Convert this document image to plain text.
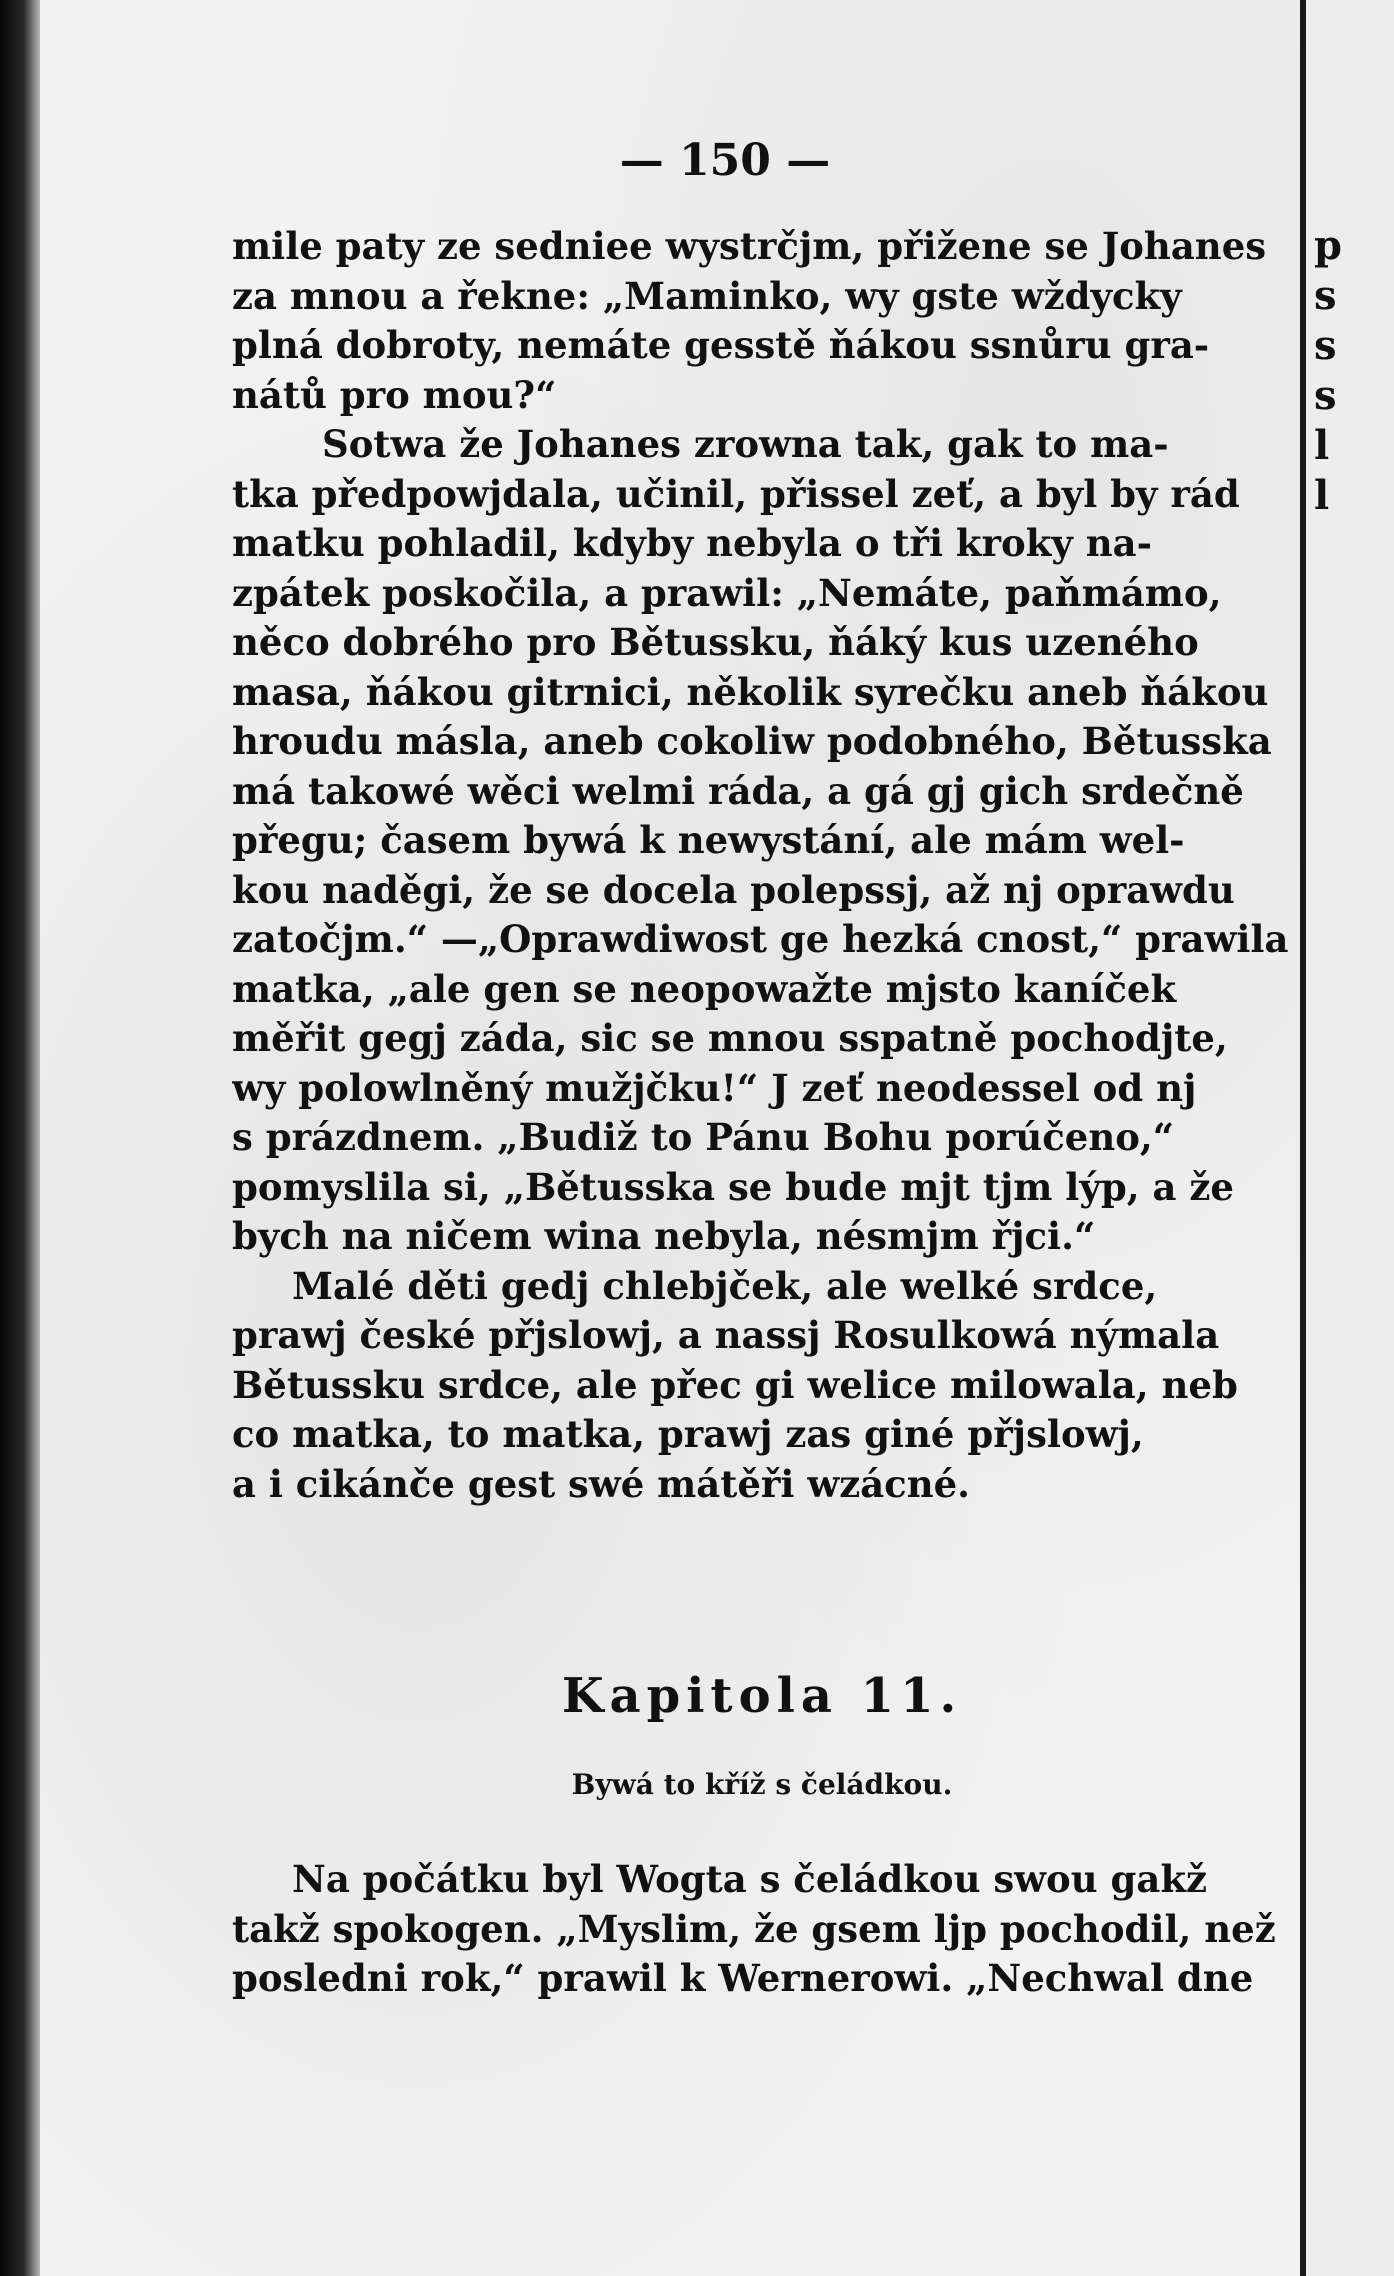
— 150 —
mile paty ze sedniee wystrčjm, přižene se Johanes
za mnou a řekne: „Maminko, wy gste wždycky
plná dobroty, nemáte gesstě ňákou ssnůru gra-
nátů pro mou?“
Sotwa že Johanes zrowna tak, gak to ma-
tka předpowjdala, učinil, přissel zeť, a byl by rád
matku pohladil, kdyby nebyla o tři kroky na-
zpátek poskočila, a prawil: „Nemáte, paňmámo,
něco dobrého pro Bětussku, ňáký kus uzeného
masa, ňákou gitrnici, několik syrečku aneb ňákou
hroudu másla, aneb cokoliw podobného, Bětusska
má takowé wěci welmi ráda, a gá gj gich srdečně
přegu; časem bywá k newystání, ale mám wel-
kou naděgi, že se docela polepssj, až nj oprawdu
zatočjm.“ —„Oprawdiwost ge hezká cnost,“ prawila
matka, „ale gen se neopowažte mjsto kaníček
měřit gegj záda, sic se mnou sspatně pochodjte,
wy polowlněný mužjčku!“ J zeť neodessel od nj
s prázdnem. „Budiž to Pánu Bohu porúčeno,“
pomyslila si, „Bětusska se bude mjt tjm lýp, a že
bych na ničem wina nebyla, nésmjm řjci.“
Malé děti gedj chlebjček, ale welké srdce,
prawj české přjslowj, a nassj Rosulkowá nýmala
Bětussku srdce, ale přec gi welice milowala, neb
co matka, to matka, prawj zas giné přjslowj,
a i cikánče gest swé mátěři wzácné.
Kapitola 11.
Bywá to kříž s čeládkou.
Na počátku byl Wogta s čeládkou swou gakž
takž spokogen. „Myslim, že gsem ljp pochodil, než
posledni rok,“ prawil k Wernerowi. „Nechwal dne
p
s
s
s
l
l
